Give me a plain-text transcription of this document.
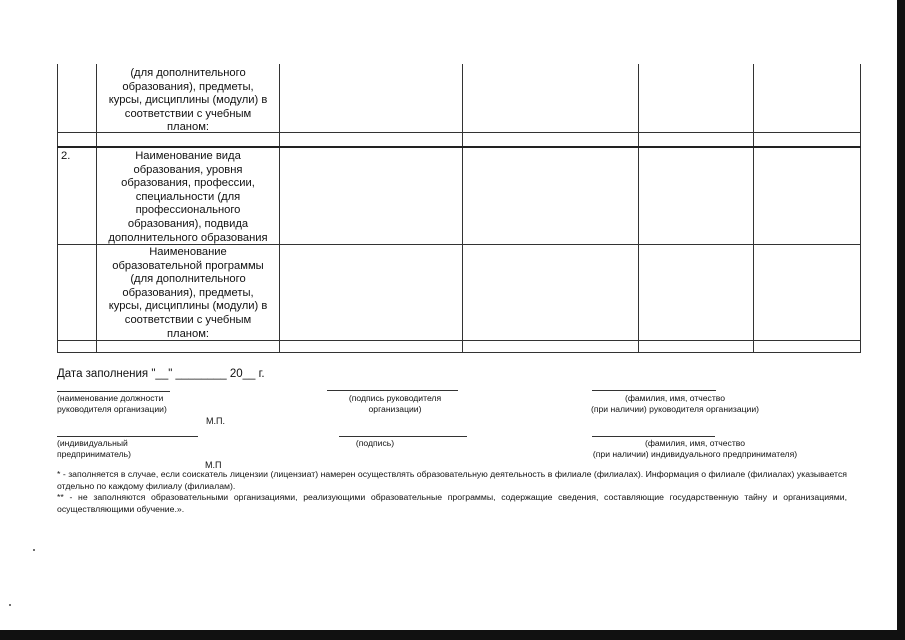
(для дополнительного
образования), предметы,
курсы, дисциплины (модули) в
соответствии с учебным
планом:
2.	Наименование вида
образования, уровня
образования, профессии,
специальности (для
профессионального
образования), подвида
дополнительного образования
Наименование
образовательной программы
(для дополнительного
образования), предметы,
курсы, дисциплины (модули) в
соответствии с учебным
планом:
Дата заполнения "__" ________ 20__ г.
(наименование должности
руководителя организации)
(подпись руководителя
организации)
(фамилия, имя, отчество
(при наличии) руководителя организации)
М.П.
(индивидуальный
предприниматель)
(подпись)	(фамилия, имя, отчество
(при наличии) индивидуального предпринимателя)
М.П
* - заполняется в случае, если соискатель лицензии (лицензиат) намерен осуществлять образовательную деятельность в филиале (филиалах). Информация о филиале (филиалах) указывается отдельно по каждому филиалу (филиалам).
** - не заполняются образовательными организациями, реализующими образовательные программы, содержащие сведения, составляющие государственную тайну и организациями, осуществляющими обучение.».
